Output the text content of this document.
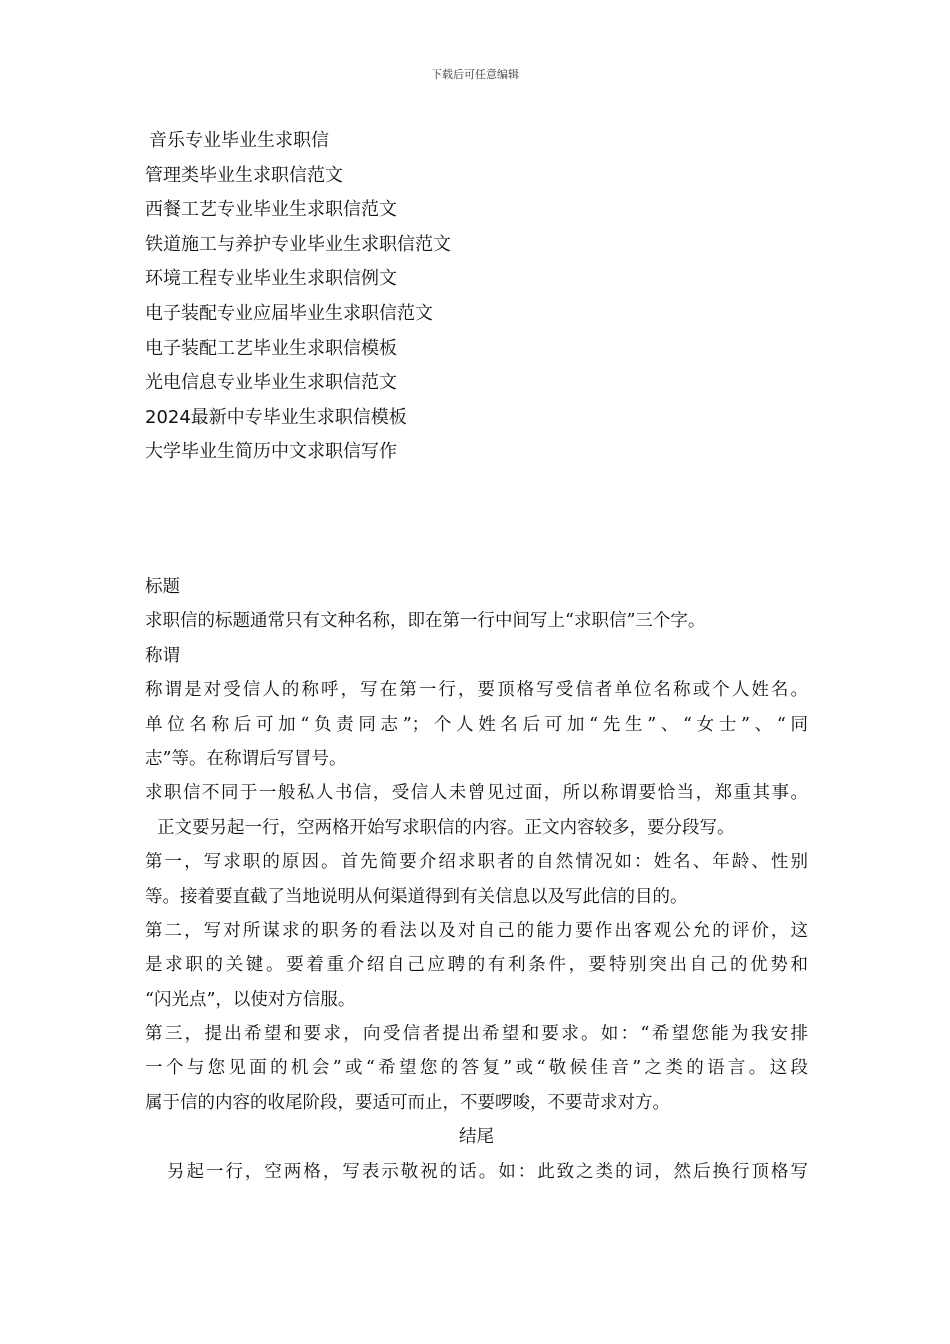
下载后可任意编辑
音乐专业毕业生求职信
管理类毕业生求职信范文
西餐工艺专业毕业生求职信范文
铁道施工与养护专业毕业生求职信范文
环境工程专业毕业生求职信例文
电子装配专业应届毕业生求职信范文
电子装配工艺毕业生求职信模板
光电信息专业毕业生求职信范文
2024最新中专毕业生求职信模板
大学毕业生简历中文求职信写作
标题
求职信的标题通常只有文种名称，即在第一行中间写上“求职信”三个字。
称谓
称谓是对受信人的称呼，写在第一行，要顶格写受信者单位名称或个人姓名。
单位名称后可加“负责同志”；个人姓名后可加“先生”、“女士”、“同
志”等。在称谓后写冒号。
求职信不同于一般私人书信，受信人未曾见过面，所以称谓要恰当，郑重其事。
正文要另起一行，空两格开始写求职信的内容。正文内容较多，要分段写。
第一，写求职的原因。首先简要介绍求职者的自然情况如：姓名、年龄、性别
等。接着要直截了当地说明从何渠道得到有关信息以及写此信的目的。
第二，写对所谋求的职务的看法以及对自己的能力要作出客观公允的评价，这
是求职的关键。要着重介绍自己应聘的有利条件，要特别突出自己的优势和
“闪光点”，以使对方信服。
第三，提出希望和要求，向受信者提出希望和要求。如：“希望您能为我安排
一个与您见面的机会”或“希望您的答复”或“敬候佳音”之类的语言。这段
属于信的内容的收尾阶段，要适可而止，不要啰唆，不要苛求对方。
结尾
另起一行，空两格，写表示敬祝的话。如：此致之类的词，然后换行顶格写
